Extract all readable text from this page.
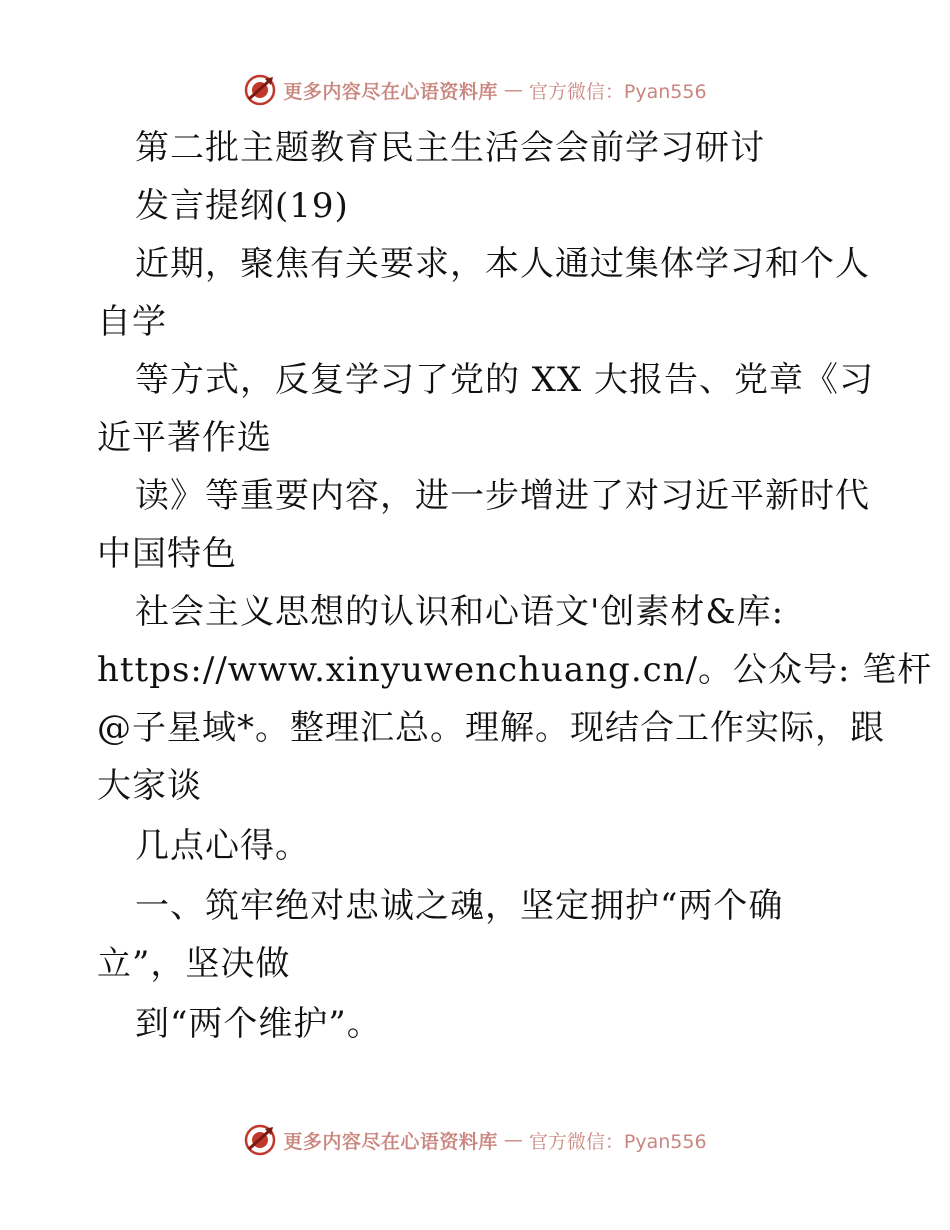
更多内容尽在心语资料库 — 官方微信：Pyan556
第二批主题教育民主生活会会前学习研讨
发言提纲(19)
近期，聚焦有关要求，本人通过集体学习和个人
自学
等方式，反复学习了党的 XX 大报告、党章《习
近平著作选
读》等重要内容，进一步增进了对习近平新时代
中国特色
社会主义思想的认识和心语文'创素材&库:
https://www.xinyuwenchuang.cn/。公众号: 笔杆
@子星域*。整理汇总。理解。现结合工作实际，跟
大家谈
几点心得。
一、筑牢绝对忠诚之魂，坚定拥护“两个确
立”，坚决做
到“两个维护”。
更多内容尽在心语资料库 — 官方微信：Pyan556
